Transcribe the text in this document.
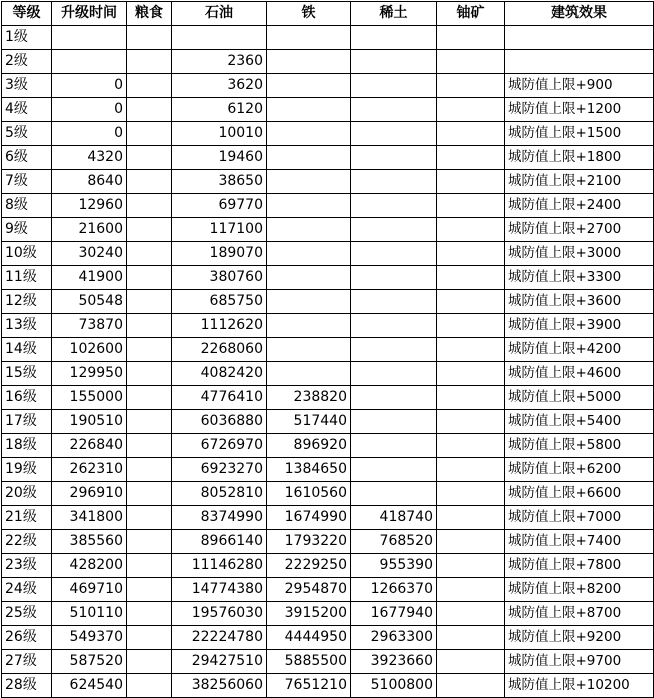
等级	升级时间	粮食	石油	铁	稀土	铀矿	建筑效果
1级							
2级			2360				
3级	0		3620				城防值上限+900
4级	0		6120				城防值上限+1200
5级	0		10010				城防值上限+1500
6级	4320		19460				城防值上限+1800
7级	8640		38650				城防值上限+2100
8级	12960		69770				城防值上限+2400
9级	21600		117100				城防值上限+2700
10级	30240		189070				城防值上限+3000
11级	41900		380760				城防值上限+3300
12级	50548		685750				城防值上限+3600
13级	73870		1112620				城防值上限+3900
14级	102600		2268060				城防值上限+4200
15级	129950		4082420				城防值上限+4600
16级	155000		4776410	238820			城防值上限+5000
17级	190510		6036880	517440			城防值上限+5400
18级	226840		6726970	896920			城防值上限+5800
19级	262310		6923270	1384650			城防值上限+6200
20级	296910		8052810	1610560			城防值上限+6600
21级	341800		8374990	1674990	418740		城防值上限+7000
22级	385560		8966140	1793220	768520		城防值上限+7400
23级	428200		11146280	2229250	955390		城防值上限+7800
24级	469710		14774380	2954870	1266370		城防值上限+8200
25级	510110		19576030	3915200	1677940		城防值上限+8700
26级	549370		22224780	4444950	2963300		城防值上限+9200
27级	587520		29427510	5885500	3923660		城防值上限+9700
28级	624540		38256060	7651210	5100800		城防值上限+10200
